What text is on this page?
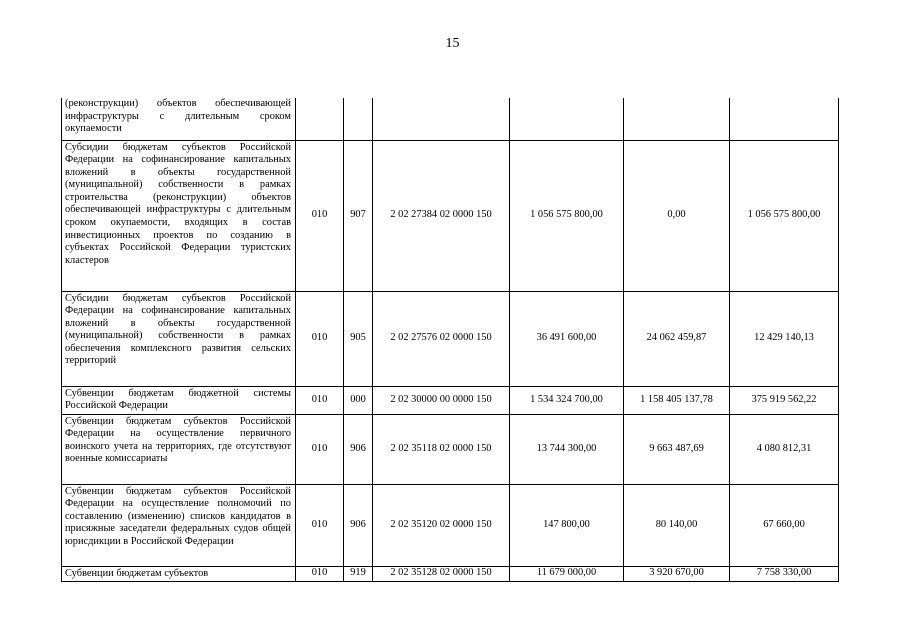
15
(реконструкции) объектов обеспечивающей инфраструктуры с длительным сроком окупаемости						
Субсидии бюджетам субъектов Российской Федерации на софинансирование капитальных вложений в объекты государственной (муниципальной) собственности в рамках строительства (реконструкции) объектов обеспечивающей инфраструктуры с длительным сроком окупаемости, входящих в состав инвестиционных проектов по созданию в субъектах Российской Федерации туристских кластеров	010	907	2 02 27384 02 0000 150	1 056 575 800,00	0,00	1 056 575 800,00
Субсидии бюджетам субъектов Российской Федерации на софинансирование капитальных вложений в объекты государственной (муниципальной) собственности в рамках обеспечения комплексного развития сельских территорий	010	905	2 02 27576 02 0000 150	36 491 600,00	24 062 459,87	12 429 140,13
Субвенции бюджетам бюджетной системы Российской Федерации	010	000	2 02 30000 00 0000 150	1 534 324 700,00	1 158 405 137,78	375 919 562,22
Субвенции бюджетам субъектов Российской Федерации на осуществление первичного воинского учета на территориях, где отсутствуют военные комиссариаты	010	906	2 02 35118 02 0000 150	13 744 300,00	9 663 487,69	4 080 812,31
Субвенции бюджетам субъектов Российской Федерации на осуществление полномочий по составлению (изменению) списков кандидатов в присяжные заседатели федеральных судов общей юрисдикции в Российской Федерации	010	906	2 02 35120 02 0000 150	147 800,00	80 140,00	67 660,00
Субвенции бюджетам субъектов	010	919	2 02 35128 02 0000 150	11 679 000,00	3 920 670,00	7 758 330,00
